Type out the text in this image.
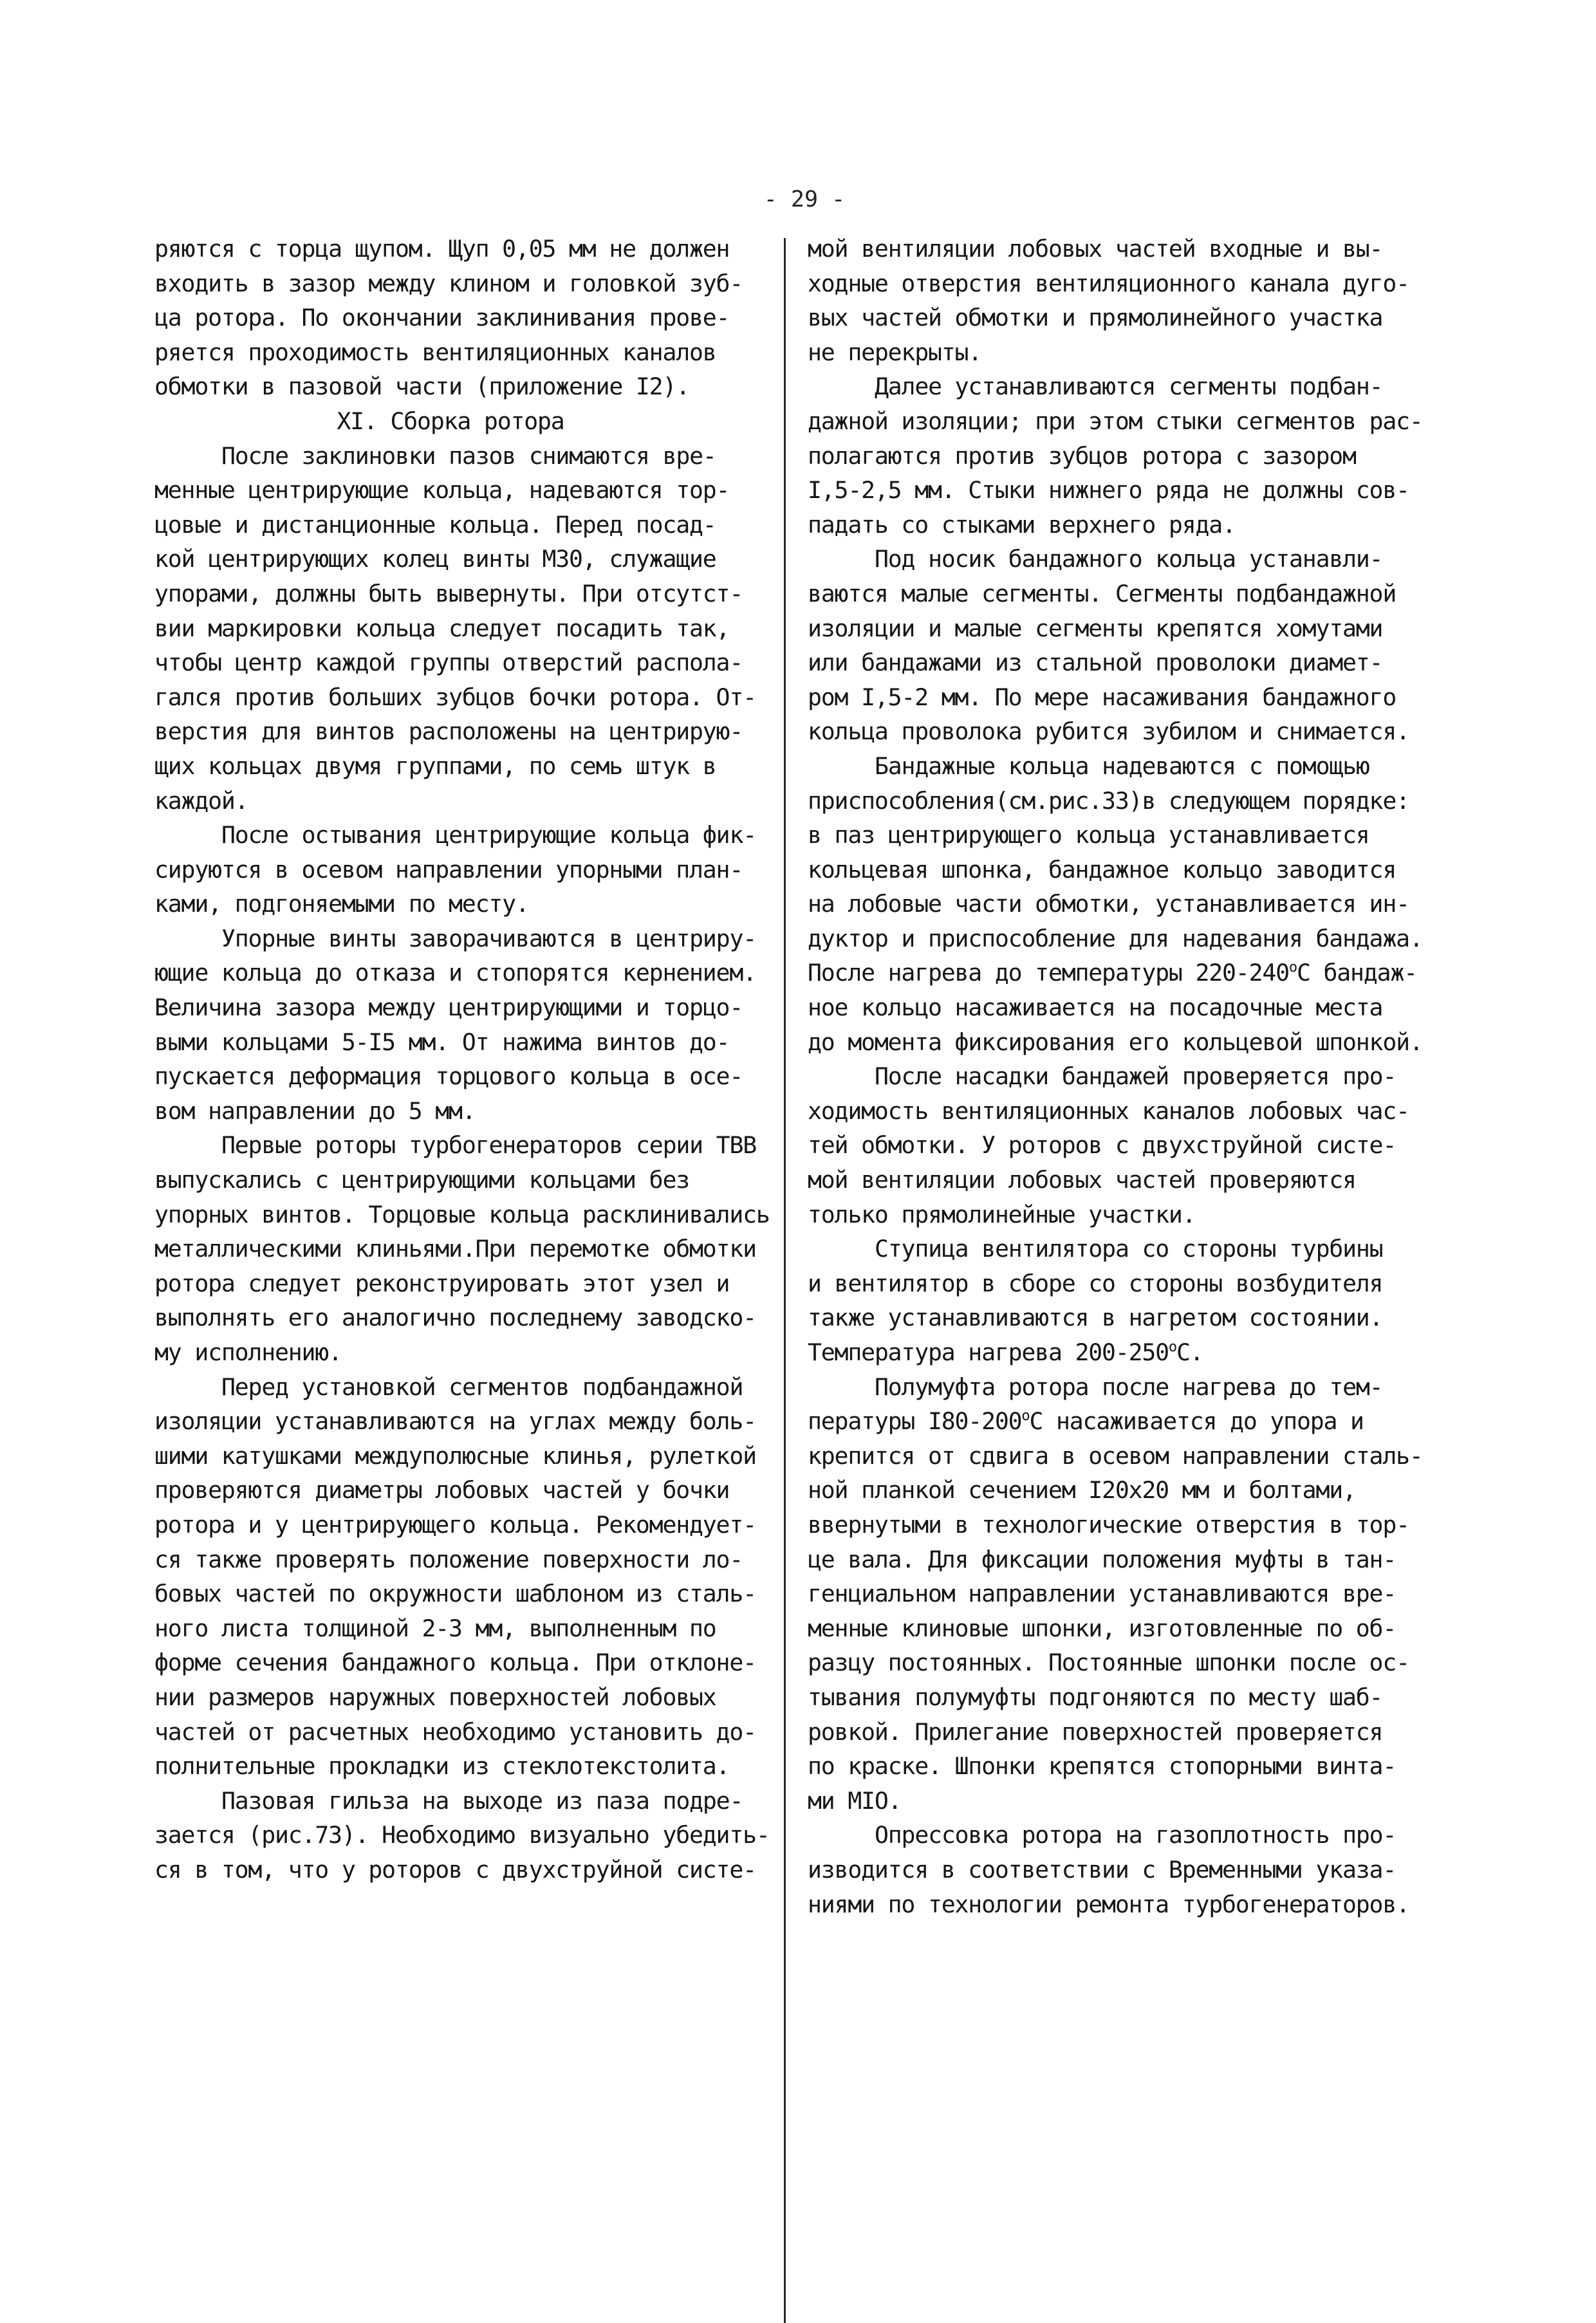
- 29 -
ряются с торца щупом. Щуп 0,05 мм не должен
входить в зазор между клином и головкой зуб-
ца ротора. По окончании заклинивания прове-
ряется проходимость вентиляционных каналов
обмотки в пазовой части (приложение I2).
XI. Сборка ротора
После заклиновки пазов снимаются вре-
менные центрирующие кольца, надеваются тор-
цовые и дистанционные кольца. Перед посад-
кой центрирующих колец винты М30, служащие
упорами, должны быть вывернуты. При отсутст-
вии маркировки кольца следует посадить так,
чтобы центр каждой группы отверстий распола-
гался против больших зубцов бочки ротора. От-
верстия для винтов расположены на центрирую-
щих кольцах двумя группами, по семь штук в
каждой.
После остывания центрирующие кольца фик-
сируются в осевом направлении упорными план-
ками, подгоняемыми по месту.
Упорные винты заворачиваются в центриру-
ющие кольца до отказа и стопорятся кернением.
Величина зазора между центрирующими и торцо-
выми кольцами 5-I5 мм. От нажима винтов до-
пускается деформация торцового кольца в осе-
вом направлении до 5 мм.
Первые роторы турбогенераторов серии ТВВ
выпускались с центрирующими кольцами без
упорных винтов. Торцовые кольца расклинивались
металлическими клиньями.При перемотке обмотки
ротора следует реконструировать этот узел и
выполнять его аналогично последнему заводско-
му исполнению.
Перед установкой сегментов подбандажной
изоляции устанавливаются на углах между боль-
шими катушками междуполюсные клинья, рулеткой
проверяются диаметры лобовых частей у бочки
ротора и у центрирующего кольца. Рекомендует-
ся также проверять положение поверхности ло-
бовых частей по окружности шаблоном из сталь-
ного листа толщиной 2-3 мм, выполненным по
форме сечения бандажного кольца. При отклоне-
нии размеров наружных поверхностей лобовых
частей от расчетных необходимо установить до-
полнительные прокладки из стеклотекстолита.
Пазовая гильза на выходе из паза подре-
зается (рис.73). Необходимо визуально убедить-
ся в том, что у роторов с двухструйной систе-
мой вентиляции лобовых частей входные и вы-
ходные отверстия вентиляционного канала дуго-
вых частей обмотки и прямолинейного участка
не перекрыты.
Далее устанавливаются сегменты подбан-
дажной изоляции; при этом стыки сегментов рас-
полагаются против зубцов ротора с зазором
I,5-2,5 мм. Стыки нижнего ряда не должны сов-
падать со стыками верхнего ряда.
Под носик бандажного кольца устанавли-
ваются малые сегменты. Сегменты подбандажной
изоляции и малые сегменты крепятся хомутами
или бандажами из стальной проволоки диамет-
ром I,5-2 мм. По мере насаживания бандажного
кольца проволока рубится зубилом и снимается.
Бандажные кольца надеваются с помощью
приспособления(см.рис.33)в следующем порядке:
в паз центрирующего кольца устанавливается
кольцевая шпонка, бандажное кольцо заводится
на лобовые части обмотки, устанавливается ин-
дуктор и приспособление для надевания бандажа.
После нагрева до температуры $220-240^оС$ бандаж-
ное кольцо насаживается на посадочные места
до момента фиксирования его кольцевой шпонкой.
После насадки бандажей проверяется про-
ходимость вентиляционных каналов лобовых час-
тей обмотки. У роторов с двухструйной систе-
мой вентиляции лобовых частей проверяются
только прямолинейные участки.
Ступица вентилятора со стороны турбины
и вентилятор в сборе со стороны возбудителя
также устанавливаются в нагретом состоянии.
Температура нагрева $200-250^оС$.
Полумуфта ротора после нагрева до тем-
пературы $I80-200^оС$ насаживается до упора и
крепится от сдвига в осевом направлении сталь-
ной планкой сечением I20x20 мм и болтами,
ввернутыми в технологические отверстия в тор-
це вала. Для фиксации положения муфты в тан-
генциальном направлении устанавливаются вре-
менные клиновые шпонки, изготовленные по об-
разцу постоянных. Постоянные шпонки после ос-
тывания полумуфты подгоняются по месту шаб-
ровкой. Прилегание поверхностей проверяется
по краске. Шпонки крепятся стопорными винта-
ми MIO.
Опрессовка ротора на газоплотность про-
изводится в соответствии с Временными указа-
ниями по технологии ремонта турбогенераторов.
